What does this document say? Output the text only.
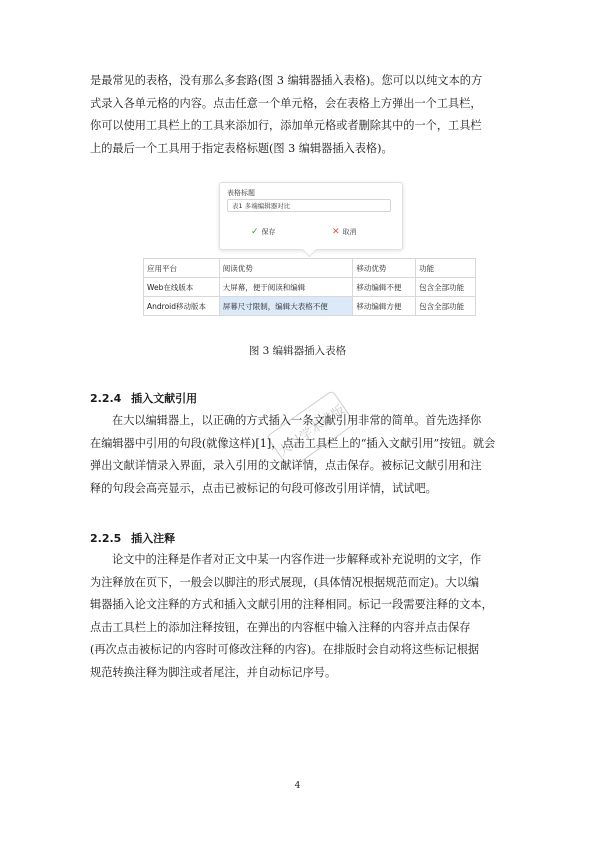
是最常见的表格，没有那么多套路(图 3 编辑器插入表格)。您可以以纯文本的方
式录入各单元格的内容。点击任意一个单元格，会在表格上方弹出一个工具栏，
你可以使用工具栏上的工具来添加行，添加单元格或者删除其中的一个，工具栏
上的最后一个工具用于指定表格标题(图 3 编辑器插入表格)。

表格标题
表1 多端编辑器对比
✓ 保存	✕ 取消
应用平台	阅读优势	移动优势	功能
Web在线版本	大屏幕，便于阅读和编辑	移动编辑不便	包含全部功能
Android移动版本	屏幕尺寸限制，编辑大表格不便	移动编辑方便	包含全部功能
图 3 编辑器插入表格
大以学术排版
2.2.4 插入文献引用

在大以编辑器上，以正确的方式插入一条文献引用非常的简单。首先选择你
在编辑器中引用的句段(就像这样)[1]，点击工具栏上的“插入文献引用”按钮。就会
弹出文献详情录入界面，录入引用的文献详情，点击保存。被标记文献引用和注
释的句段会高亮显示，点击已被标记的句段可修改引用详情，试试吧。

2.2.5 插入注释

论文中的注释是作者对正文中某一内容作进一步解释或补充说明的文字，作
为注释放在页下，一般会以脚注的形式展现，(具体情况根据规范而定)。大以编
辑器插入论文注释的方式和插入文献引用的注释相同。标记一段需要注释的文本，
点击工具栏上的添加注释按钮，在弹出的内容框中输入注释的内容并点击保存
(再次点击被标记的内容时可修改注释的内容)。在排版时会自动将这些标记根据
规范转换注释为脚注或者尾注，并自动标记序号。

4
